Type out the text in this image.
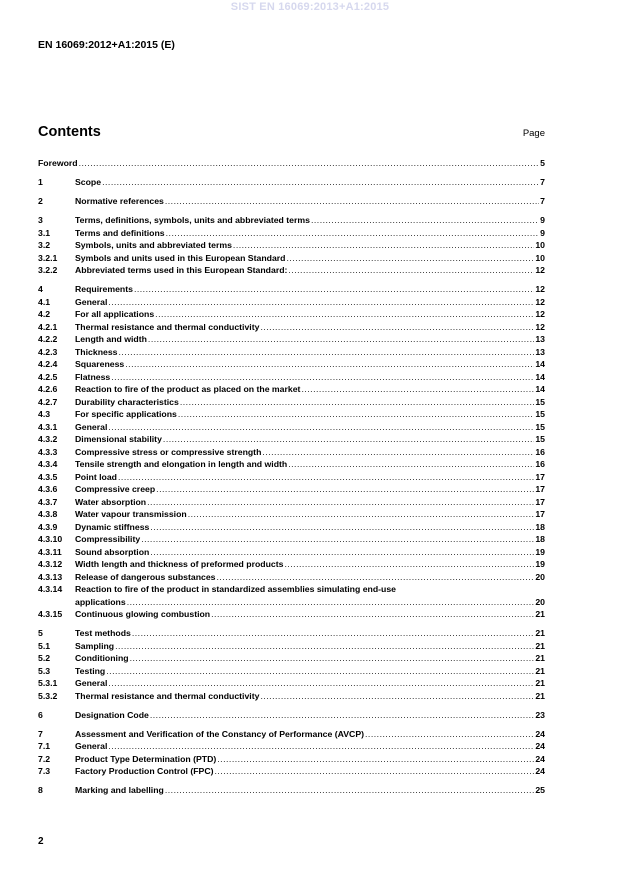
SIST EN 16069:2013+A1:2015
EN 16069:2012+A1:2015 (E)
Contents	Page
Foreword .....	5
1	Scope .....	7
2	Normative references .....	7
3	Terms, definitions, symbols, units and abbreviated terms .....	9
3.1	Terms and definitions .....	9
3.2	Symbols, units and abbreviated terms .....	10
3.2.1	Symbols and units used in this European Standard .....	10
3.2.2	Abbreviated terms used in this European Standard: .....	12
4	Requirements .....	12
4.1	General .....	12
4.2	For all applications .....	12
4.2.1	Thermal resistance and thermal conductivity .....	12
4.2.2	Length and width .....	13
4.2.3	Thickness .....	13
4.2.4	Squareness .....	14
4.2.5	Flatness .....	14
4.2.6	Reaction to fire of the product as placed on the market .....	14
4.2.7	Durability characteristics .....	15
4.3	For specific applications .....	15
4.3.1	General .....	15
4.3.2	Dimensional stability .....	15
4.3.3	Compressive stress or compressive strength .....	16
4.3.4	Tensile strength and elongation in length and width .....	16
4.3.5	Point load .....	17
4.3.6	Compressive creep .....	17
4.3.7	Water absorption .....	17
4.3.8	Water vapour transmission .....	17
4.3.9	Dynamic stiffness .....	18
4.3.10	Compressibility .....	18
4.3.11	Sound absorption .....	19
4.3.12	Width length and thickness of preformed products .....	19
4.3.13	Release of dangerous substances .....	20
4.3.14	Reaction to fire of the product in standardized assemblies simulating end-use
applications .....	20
4.3.15	Continuous glowing combustion .....	21
5	Test methods .....	21
5.1	Sampling .....	21
5.2	Conditioning .....	21
5.3	Testing .....	21
5.3.1	General .....	21
5.3.2	Thermal resistance and thermal conductivity .....	21
6	Designation Code .....	23
7	Assessment and Verification of the Constancy of Performance (AVCP) .....	24
7.1	General .....	24
7.2	Product Type Determination (PTD) .....	24
7.3	Factory Production Control (FPC) .....	24
8	Marking and labelling .....	25
2
